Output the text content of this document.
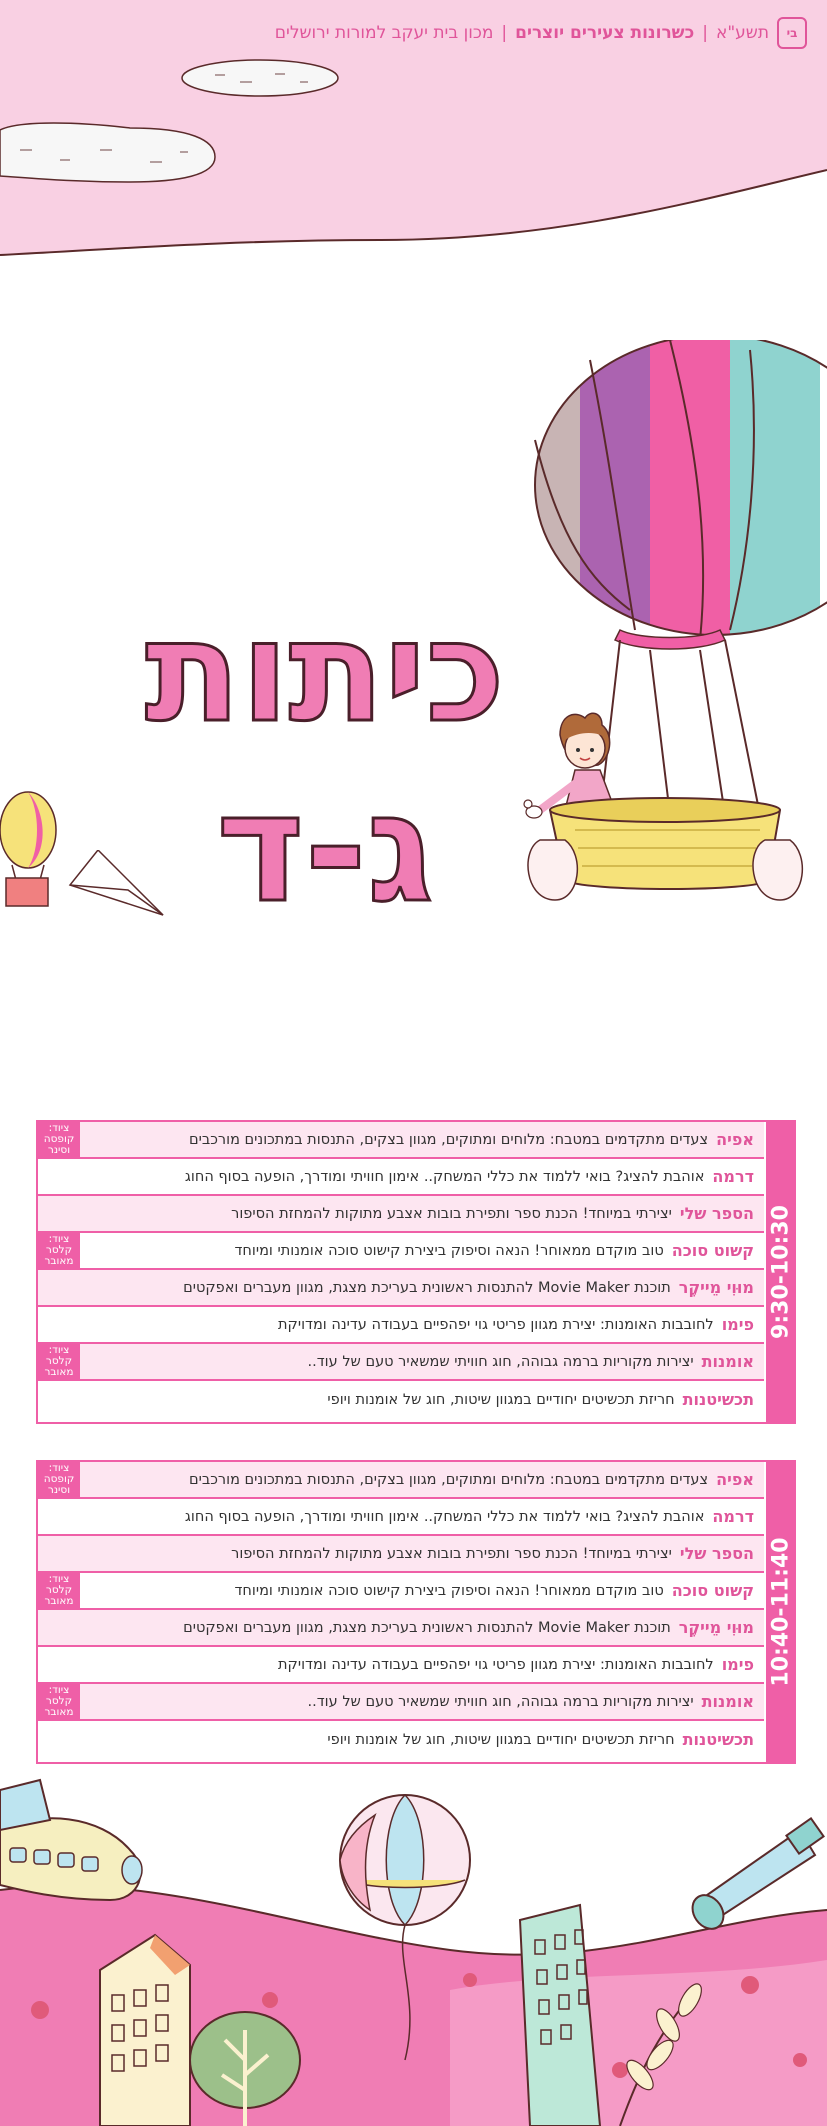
בי
תשע"א
|
כשרונות צעירים יוצרים
|
מכון בית יעקב למורות ירושלים
כיתות
ג-ד
אפיה
צעדים מתקדמים במטבח: מלוחים ומתוקים, מגוון בצקים, התנסות במתכונים מורכבים
ציוד:
קופסה
וסינר
דרמה
אוהבת להציג? בואי ללמוד את כללי המשחק.. אימון חוויתי ומודרך, הופעה בסוף החוג
הספר שלי
יצירתי במיוחד! הכנת ספר ותפירת בובות אצבע מתוקות להמחזת הסיפור
קשוט סוכה
טוב מוקדם ממאוחר! הנאה וסיפוק ביצירת קישוט סוכה אומנותי ומיוחד
ציוד:
קלסר
מאובר
מוּוִי מֵייקֶר
תוכנת Movie Maker להתנסות ראשונית בעריכת מצגת, מגוון מעברים ואפקטים
פימו
לחובבות האומנות: יצירת מגוון פריטי גוי יפהפיים בעבודה עדינה ומדויקת
אומנות
יצירות מקוריות ברמה גבוהה, חוג חוויתי שמשאיר טעם של עוד..
ציוד:
קלסר
מאובר
תכשיטנות
חריזת תכשיטים יחודיים במגוון שיטות, חוג של אומנות ויופי
9:30-10:30
אפיה
צעדים מתקדמים במטבח: מלוחים ומתוקים, מגוון בצקים, התנסות במתכונים מורכבים
ציוד:
קופסה
וסינר
דרמה
אוהבת להציג? בואי ללמוד את כללי המשחק.. אימון חוויתי ומודרך, הופעה בסוף החוג
הספר שלי
יצירתי במיוחד! הכנת ספר ותפירת בובות אצבע מתוקות להמחזת הסיפור
קשוט סוכה
טוב מוקדם ממאוחר! הנאה וסיפוק ביצירת קישוט סוכה אומנותי ומיוחד
ציוד:
קלסר
מאובר
מוּוִי מֵייקֶר
תוכנת Movie Maker להתנסות ראשונית בעריכת מצגת, מגוון מעברים ואפקטים
פימו
לחובבות האומנות: יצירת מגוון פריטי גוי יפהפיים בעבודה עדינה ומדויקת
אומנות
יצירות מקוריות ברמה גבוהה, חוג חוויתי שמשאיר טעם של עוד..
ציוד:
קלסר
מאובר
תכשיטנות
חריזת תכשיטים יחודיים במגוון שיטות, חוג של אומנות ויופי
10:40-11:40
